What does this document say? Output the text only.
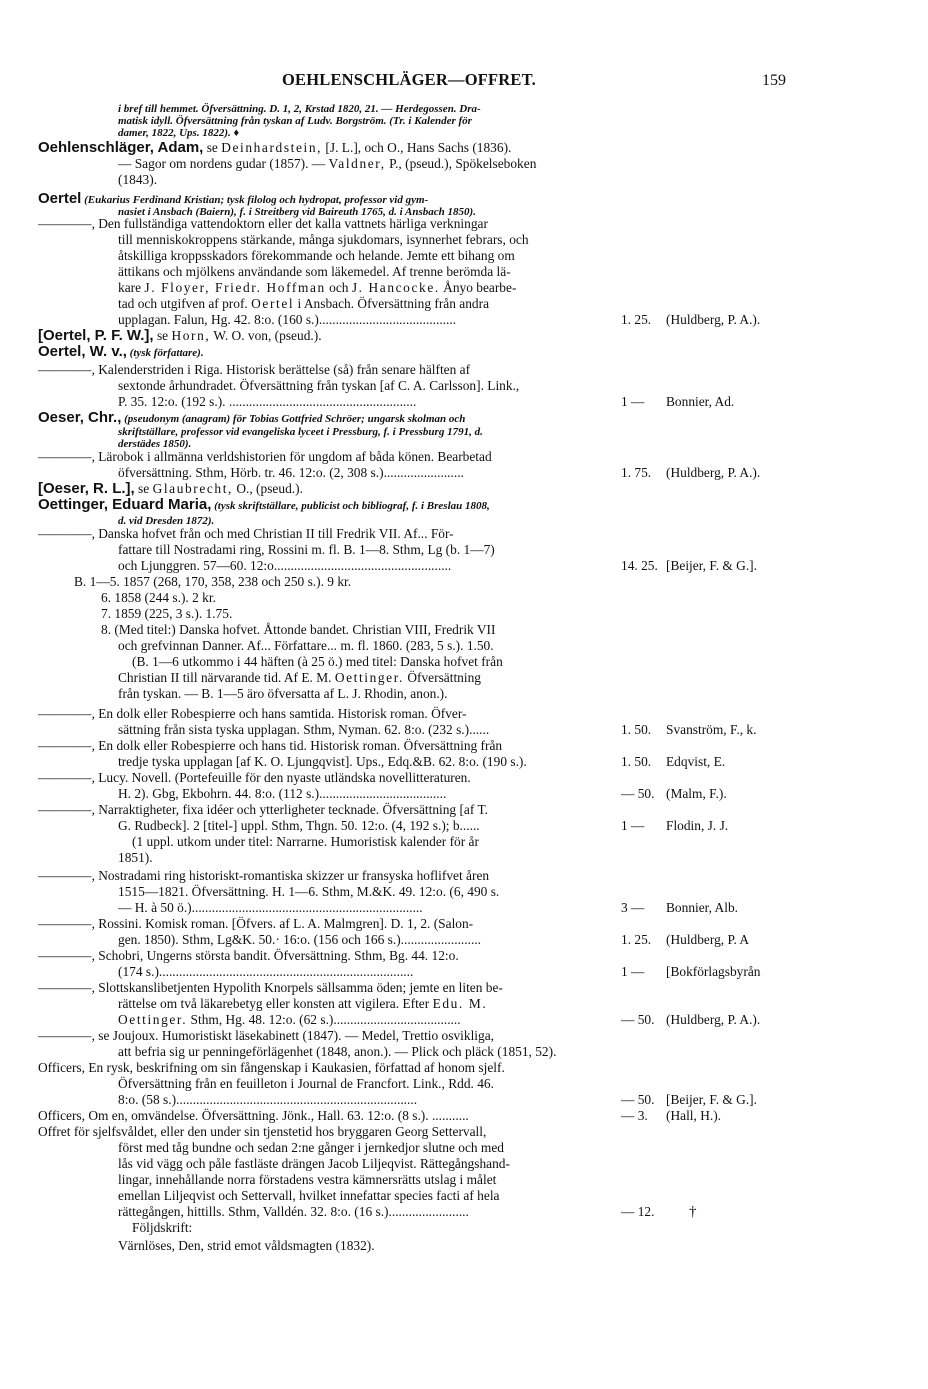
OEHLENSCHLÄGER—OFFRET.	159
i bref till hemmet. Öfversättning. D. 1, 2, Krstad 1820, 21. — Herdegossen. Dra-
matisk idyll. Öfversättning från tyskan af Ludv. Borgström. (Tr. i Kalender för
damer, 1822, Ups. 1822). ♦
Oehlenschläger, Adam, se Deinhardstein, [J. L.], och O., Hans Sachs (1836).
— Sagor om nordens gudar (1857). — Valdner, P., (pseud.), Spökelseboken
(1843).
Oertel (Eukarius Ferdinand Kristian; tysk filolog och hydropat, professor vid gym-
nasiet i Ansbach (Baiern), f. i Streitberg vid Baireuth 1765, d. i Ansbach 1850).
————, Den fullständiga vattendoktorn eller det kalla vattnets härliga verkningar
till menniskokroppens stärkande, många sjukdomars, isynnerhet febrars, och
åtskilliga kroppsskadors förekommande och helande. Jemte ett bihang om
ättikans och mjölkens användande som läkemedel. Af trenne berömda lä-
kare J. Floyer, Friedr. Hoffman och J. Hancocke. Ånyo bearbe-
tad och utgifven af prof. Oertel i Ansbach. Öfversättning från andra
upplagan. Falun, Hg. 42. 8:o. (160 s.).........................................	1. 25. (Huldberg, P. A.).
[Oertel, P. F. W.], se Horn, W. O. von, (pseud.).
Oertel, W. v., (tysk författare).
————, Kalenderstriden i Riga. Historisk berättelse (så) från senare hälften af
sextonde århundradet. Öfversättning från tyskan [af C. A. Carlsson]. Link.,
P. 35. 12:o. (192 s.). ........................................................	1 — Bonnier, Ad.
Oeser, Chr., (pseudonym (anagram) för Tobias Gottfried Schröer; ungarsk skolman och
skriftställare, professor vid evangeliska lyceet i Pressburg, f. i Pressburg 1791, d.
derstädes 1850).
————, Lärobok i allmänna verldshistorien för ungdom af båda könen. Bearbetad
öfversättning. Sthm, Hörb. tr. 46. 12:o. (2, 308 s.)........................	1. 75. (Huldberg, P. A.).
[Oeser, R. L.], se Glaubrecht, O., (pseud.).
Oettinger, Eduard Maria, (tysk skriftställare, publicist och bibliograf, f. i Breslau 1808,
d. vid Dresden 1872).
————, Danska hofvet från och med Christian II till Fredrik VII. Af... För-
fattare till Nostradami ring, Rossini m. fl. B. 1—8. Sthm, Lg (b. 1—7)
och Ljunggren. 57—60. 12:o.....................................................	14. 25. [Beijer, F. & G.].
B. 1—5. 1857 (268, 170, 358, 238 och 250 s.). 9 kr.
6. 1858 (244 s.). 2 kr.
7. 1859 (225, 3 s.). 1.75.
8. (Med titel:) Danska hofvet. Åttonde bandet. Christian VIII, Fredrik VII
och grefvinnan Danner. Af... Författare... m. fl. 1860. (283, 5 s.). 1.50.
(B. 1—6 utkommo i 44 häften (à 25 ö.) med titel: Danska hofvet från
Christian II till närvarande tid. Af E. M. Oettinger. Öfversättning
från tyskan. — B. 1—5 äro öfversatta af L. J. Rhodin, anon.).
————, En dolk eller Robespierre och hans samtida. Historisk roman. Öfver-
sättning från sista tyska upplagan. Sthm, Nyman. 62. 8:o. (232 s.)......	1. 50. Svanström, F., k.
————, En dolk eller Robespierre och hans tid. Historisk roman. Öfversättning från
tredje tyska upplagan [af K. O. Ljungqvist]. Ups., Edq.&B. 62. 8:o. (190 s.).	1. 50. Edqvist, E.
————, Lucy. Novell. (Portefeuille för den nyaste utländska novellitteraturen.
H. 2). Gbg, Ekbohrn. 44. 8:o. (112 s.)......................................	— 50. (Malm, F.).
————, Narraktigheter, fixa idéer och ytterligheter tecknade. Öfversättning [af T.
G. Rudbeck]. 2 [titel-] uppl. Sthm, Thgn. 50. 12:o. (4, 192 s.); b......	1 — Flodin, J. J.
(1 uppl. utkom under titel: Narrarne. Humoristisk kalender för år
1851).
————, Nostradami ring historiskt-romantiska skizzer ur fransyska hoflifvet åren
1515—1821. Öfversättning. H. 1—6. Sthm, M.&K. 49. 12:o. (6, 490 s.
— H. à 50 ö.).....................................................................	3 — Bonnier, Alb.
————, Rossini. Komisk roman. [Öfvers. af L. A. Malmgren]. D. 1, 2. (Salon-
gen. 1850). Sthm, Lg&K. 50.· 16:o. (156 och 166 s.)........................	1. 25. (Huldberg, P. A
————, Schobri, Ungerns största bandit. Öfversättning. Sthm, Bg. 44. 12:o.
(174 s.)............................................................................	1 — [Bokförlagsbyrån
————, Slottskanslibetjenten Hypolith Knorpels sällsamma öden; jemte en liten be-
rättelse om två läkarebetyg eller konsten att vigilera. Efter Edu. M.
Oettinger. Sthm, Hg. 48. 12:o. (62 s.)......................................	— 50. (Huldberg, P. A.).
————, se Joujoux. Humoristiskt läsekabinett (1847). — Medel, Trettio osvikliga,
att befria sig ur penningeförlägenhet (1848, anon.). — Plick och pläck (1851, 52).
Officers, En rysk, beskrifning om sin fångenskap i Kaukasien, författad af honom sjelf.
Öfversättning från en feuilleton i Journal de Francfort. Link., Rdd. 46.
8:o. (58 s.)........................................................................	— 50. [Beijer, F. & G.].
Officers, Om en, omvändelse. Öfversättning. Jönk., Hall. 63. 12:o. (8 s.). ...........	— 3. (Hall, H.).
Offret för sjelfsvåldet, eller den under sin tjenstetid hos bryggaren Georg Settervall,
först med tåg bundne och sedan 2:ne gånger i jernkedjor slutne och med
lås vid vägg och påle fastläste drängen Jacob Liljeqvist. Rättegångshand-
lingar, innehållande norra förstadens vestra kämnersrätts utslag i målet
emellan Liljeqvist och Settervall, hvilket innefattar species facti af hela
rättegången, hittills. Sthm, Valldén. 32. 8:o. (16 s.)........................	— 12. †
Följdskrift:
Värnlöses, Den, strid emot våldsmagten (1832).
